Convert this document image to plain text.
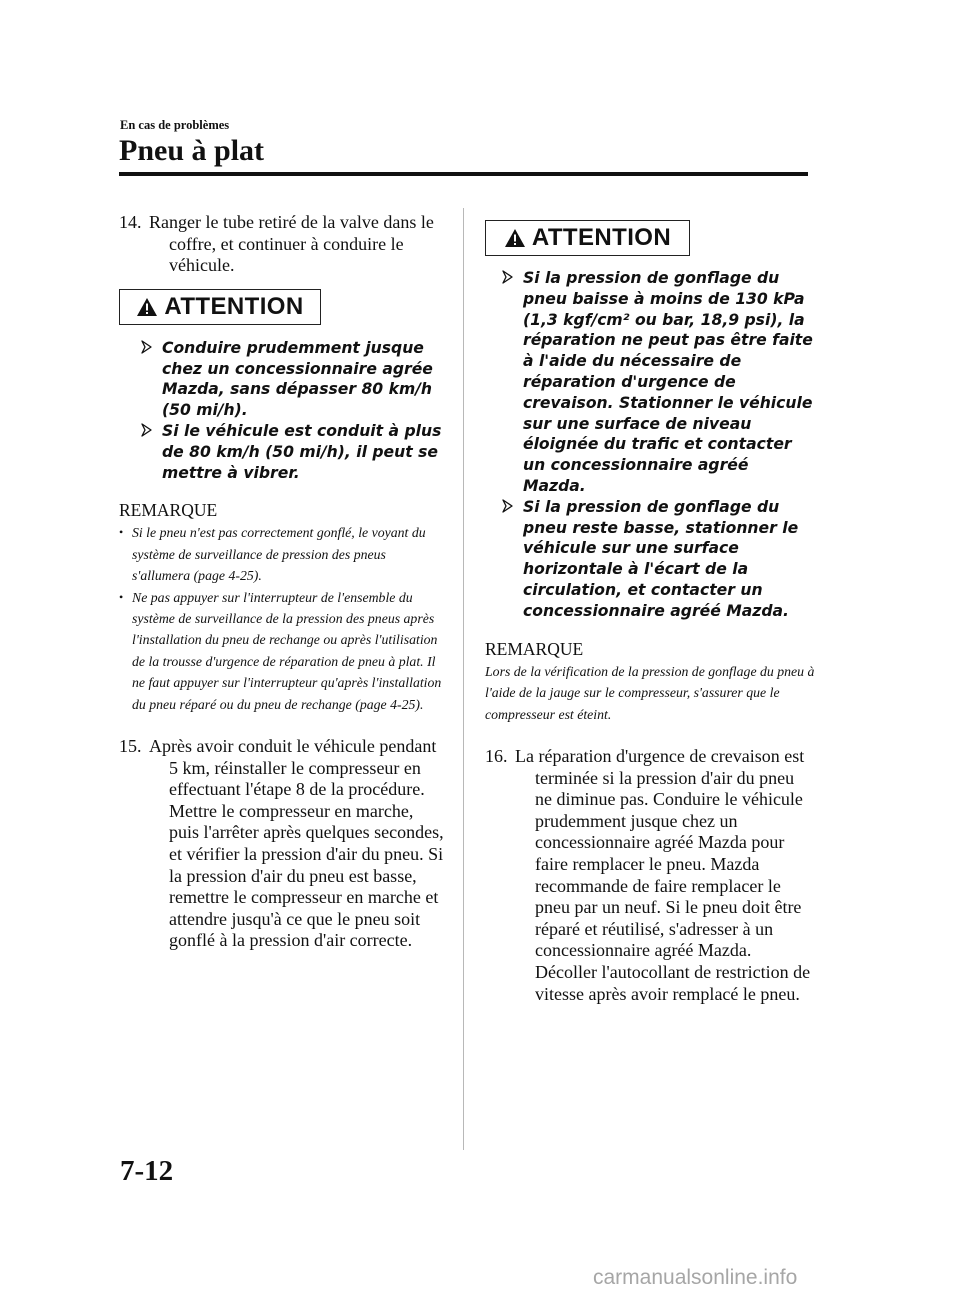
En cas de problèmes
Pneu à plat

14. Ranger le tube retiré de la valve dans le coffre, et continuer à conduire le véhicule.

ATTENTION
Conduire prudemment jusque chez un concessionnaire agrée Mazda, sans dépasser 80 km/h (50 mi/h).
Si le véhicule est conduit à plus de 80 km/h (50 mi/h), il peut se mettre à vibrer.

REMARQUE

• Si le pneu n'est pas correctement gonflé, le voyant du système de surveillance de pression des pneus s'allumera (page 4-25).
• Ne pas appuyer sur l'interrupteur de l'ensemble du système de surveillance de la pression des pneus après l'installation du pneu de rechange ou après l'utilisation de la trousse d'urgence de réparation de pneu à plat. Il ne faut appuyer sur l'interrupteur qu'après l'installation du pneu réparé ou du pneu de rechange (page 4-25).

15. Après avoir conduit le véhicule pendant 5 km, réinstaller le compresseur en effectuant l'étape 8 de la procédure. Mettre le compresseur en marche, puis l'arrêter après quelques secondes, et vérifier la pression d'air du pneu. Si la pression d'air du pneu est basse, remettre le compresseur en marche et attendre jusqu'à ce que le pneu soit gonflé à la pression d'air correcte.

ATTENTION
Si la pression de gonflage du pneu baisse à moins de 130 kPa (1,3 kgf/cm² ou bar, 18,9 psi), la réparation ne peut pas être faite à l'aide du nécessaire de réparation d'urgence de crevaison. Stationner le véhicule sur une surface de niveau éloignée du trafic et contacter un concessionnaire agréé Mazda.
Si la pression de gonflage du pneu reste basse, stationner le véhicule sur une surface horizontale à l'écart de la circulation, et contacter un concessionnaire agréé Mazda.

REMARQUE

Lors de la vérification de la pression de gonflage du pneu à l'aide de la jauge sur le compresseur, s'assurer que le compresseur est éteint.

16. La réparation d'urgence de crevaison est terminée si la pression d'air du pneu ne diminue pas. Conduire le véhicule prudemment jusque chez un concessionnaire agréé Mazda pour faire remplacer le pneu. Mazda recommande de faire remplacer le pneu par un neuf. Si le pneu doit être réparé et réutilisé, s'adresser à un concessionnaire agréé Mazda. Décoller l'autocollant de restriction de vitesse après avoir remplacé le pneu.

7-12
carmanualsonline.info
